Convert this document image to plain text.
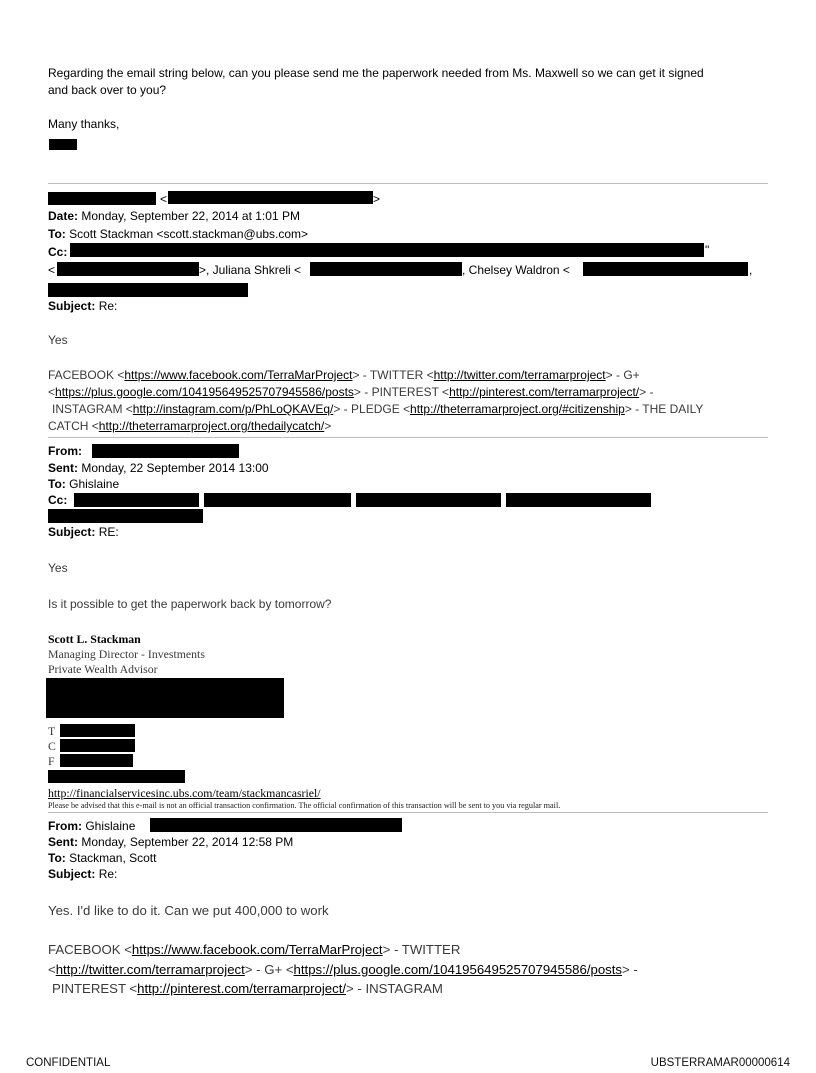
Regarding the email string below, can you please send me the paperwork needed from Ms. Maxwell so we can get it signed
and back over to you?
Many thanks,
<	>
Date: Monday, September 22, 2014 at 1:01 PM
To: Scott Stackman <scott.stackman@ubs.com>
Cc:	"
<	>, Juliana Shkreli <	, Chelsey Waldron <	,
Subject: Re:
Yes
FACEBOOK <https://www.facebook.com/TerraMarProject> - TWITTER <http://twitter.com/terramarproject> - G+
<https://plus.google.com/104195649525707945586/posts> - PINTEREST <http://pinterest.com/terramarproject/> -
INSTAGRAM <http://instagram.com/p/PhLoQKAVEq/> - PLEDGE <http://theterramarproject.org/#citizenship> - THE DAILY
CATCH <http://theterramarproject.org/thedailycatch/>
From:
Sent: Monday, 22 September 2014 13:00
To: Ghislaine
Cc:
Subject: RE:
Yes
Is it possible to get the paperwork back by tomorrow?
Scott L. Stackman
Managing Director - Investments
Private Wealth Advisor
T
C
F
http://financialservicesinc.ubs.com/team/stackmancasriel/
Please be advised that this e-mail is not an official transaction confirmation. The official confirmation of this transaction will be sent to you via regular mail.
From: Ghislaine
Sent: Monday, September 22, 2014 12:58 PM
To: Stackman, Scott
Subject: Re:
Yes. I'd like to do it. Can we put 400,000 to work
FACEBOOK <https://www.facebook.com/TerraMarProject> - TWITTER
<http://twitter.com/terramarproject> - G+ <https://plus.google.com/104195649525707945586/posts> -
PINTEREST <http://pinterest.com/terramarproject/> - INSTAGRAM
CONFIDENTIAL	UBSTERRAMAR00000614
